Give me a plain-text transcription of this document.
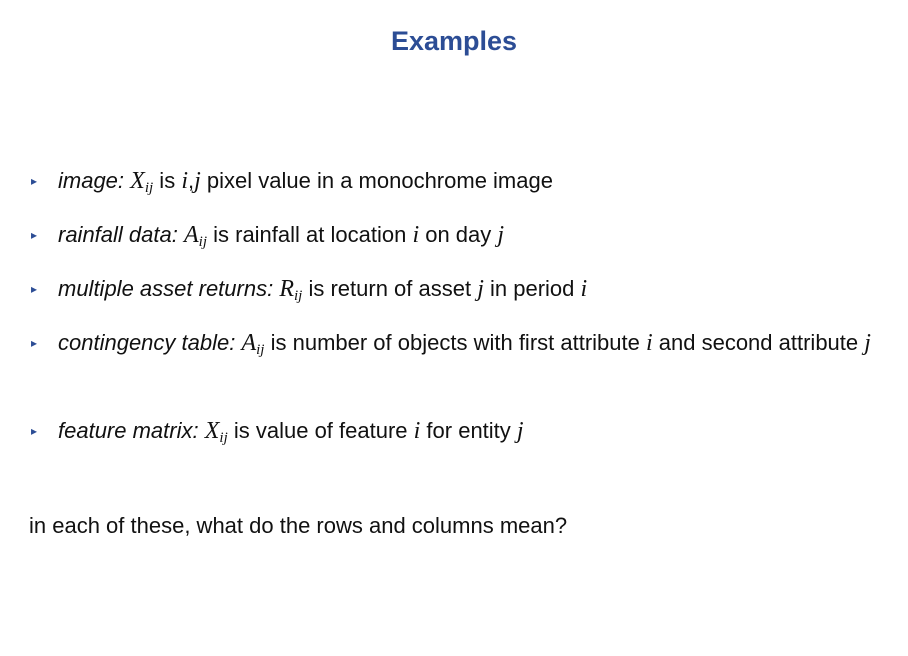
Examples
▸ image: $X_{ij}$ is i,j pixel value in a monochrome image
▸ rainfall data: $A_{ij}$ is rainfall at location i on day j
▸ multiple asset returns: $R_{ij}$ is return of asset j in period i
▸ contingency table: $A_{ij}$ is number of objects with first attribute i and second attribute j
▸ feature matrix: $X_{ij}$ is value of feature i for entity j

in each of these, what do the rows and columns mean?
